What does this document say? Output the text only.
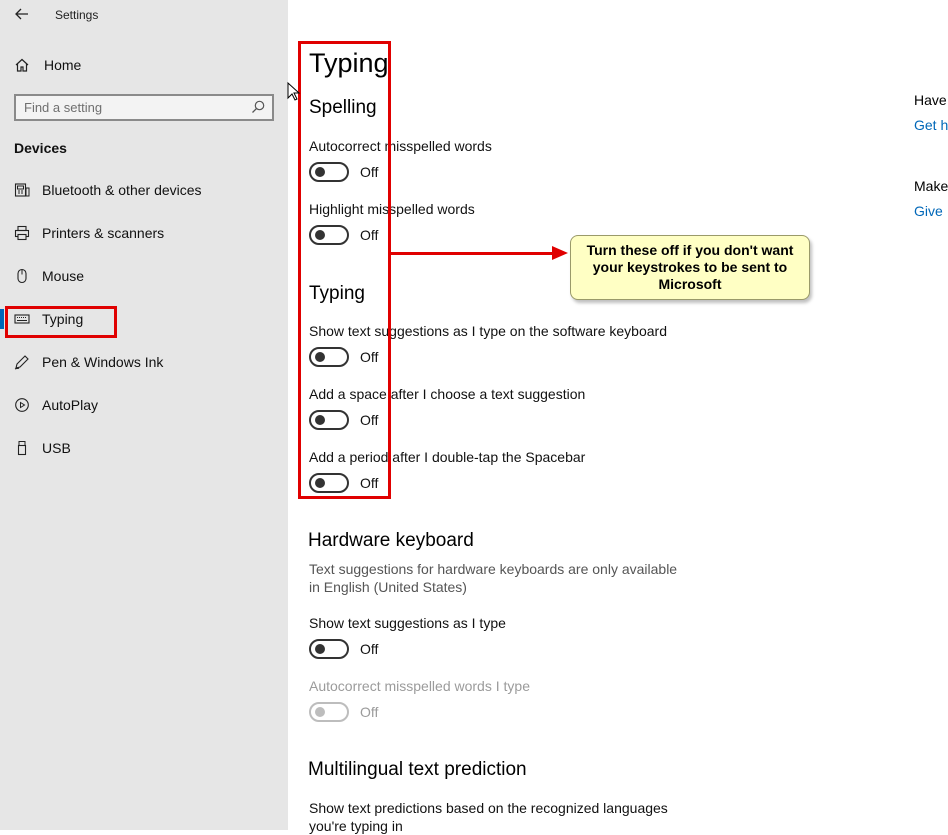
Settings
Home
Find a setting
Devices
Bluetooth & other devices
Printers & scanners
Mouse
Typing
Pen & Windows Ink
AutoPlay
USB
Typing
Spelling
Autocorrect misspelled words
Off
Highlight misspelled words
Off
Typing
Show text suggestions as I type on the software keyboard
Off
Add a space after I choose a text suggestion
Off
Add a period after I double-tap the Spacebar
Off
Hardware keyboard
Text suggestions for hardware keyboards are only available in English (United States)
Show text suggestions as I type
Off
Autocorrect misspelled words I type
Off
Multilingual text prediction
Show text predictions based on the recognized languages you're typing in
Have
Get h
Make
Give
Turn these off if you don't want your keystrokes to be sent to Microsoft
